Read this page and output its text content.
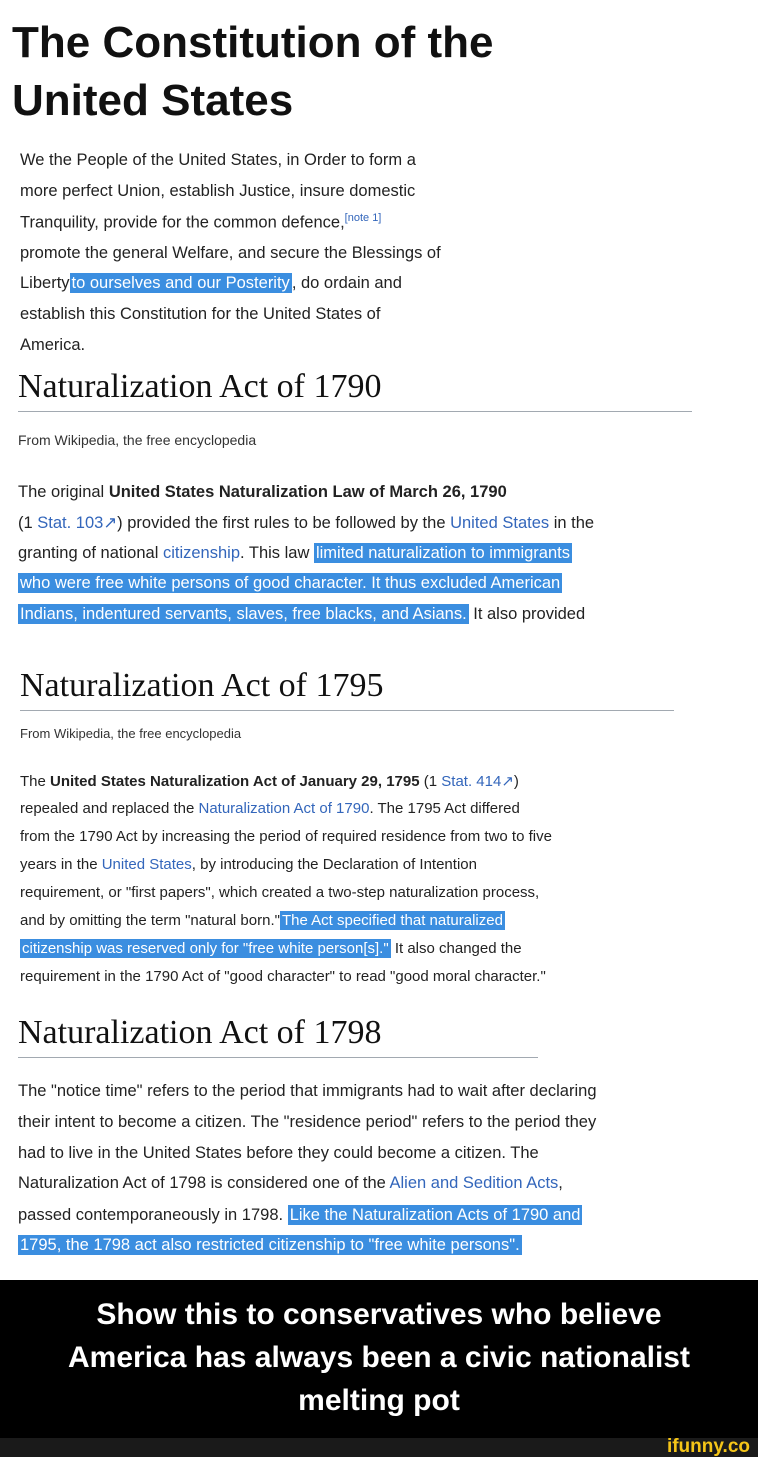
The Constitution of the
United States
We the People of the United States, in Order to form a
more perfect Union, establish Justice, insure domestic
Tranquility, provide for the common defence,[note 1]
promote the general Welfare, and secure the Blessings of
Liberty to ourselves and our Posterity , do ordain and
establish this Constitution for the United States of
America.
Naturalization Act of 1790
From Wikipedia, the free encyclopedia
The original United States Naturalization Law of March 26, 1790
(1 Stat. 103↗) provided the first rules to be followed by the United States in the
granting of national citizenship. This law limited naturalization to immigrants
who were free white persons of good character. It thus excluded American
Indians, indentured servants, slaves, free blacks, and Asians. It also provided
Naturalization Act of 1795
From Wikipedia, the free encyclopedia
The United States Naturalization Act of January 29, 1795 (1 Stat. 414↗)
repealed and replaced the Naturalization Act of 1790. The 1795 Act differed
from the 1790 Act by increasing the period of required residence from two to five
years in the United States, by introducing the Declaration of Intention
requirement, or "first papers", which created a two-step naturalization process,
and by omitting the term "natural born." The Act specified that naturalized
citizenship was reserved only for "free white person[s]." It also changed the
requirement in the 1790 Act of "good character" to read "good moral character."
Naturalization Act of 1798
The "notice time" refers to the period that immigrants had to wait after declaring
their intent to become a citizen. The "residence period" refers to the period they
had to live in the United States before they could become a citizen. The
Naturalization Act of 1798 is considered one of the Alien and Sedition Acts,
passed contemporaneously in 1798. Like the Naturalization Acts of 1790 and
1795, the 1798 act also restricted citizenship to "free white persons".
Show this to conservatives who believe
America has always been a civic nationalist
melting pot
ifunny.co
